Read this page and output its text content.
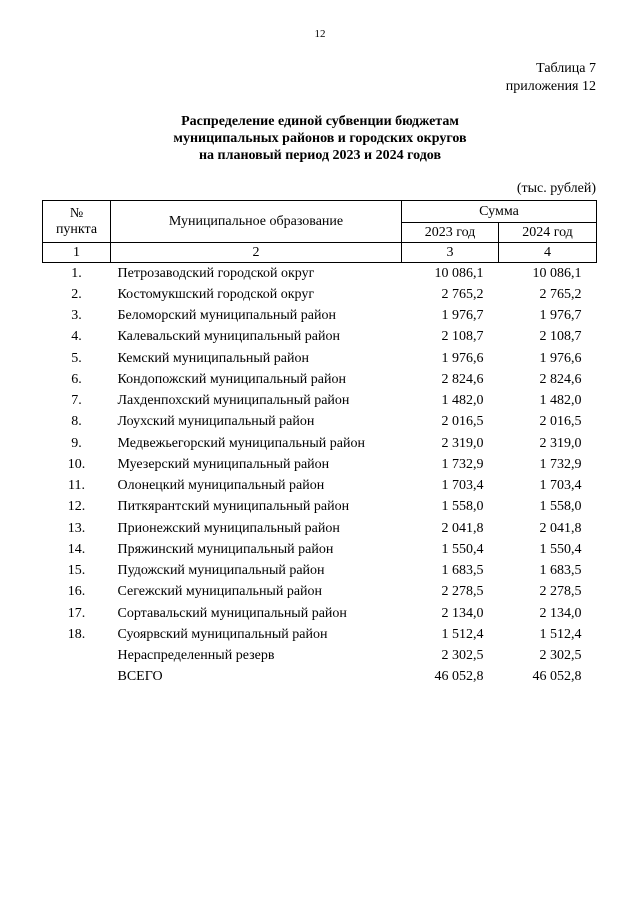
12
Таблица 7
приложения 12
Распределение единой субвенции бюджетам
муниципальных районов и городских округов
на плановый период 2023 и 2024 годов
(тыс. рублей)
№
пункта	Муниципальное образование	Сумма	
		2023 год	2024 год
1	2	3	4
1.	Петрозаводский городской округ	10 086,1	10 086,1
2.	Костомукшский городской округ	2 765,2	2 765,2
3.	Беломорский муниципальный район	1 976,7	1 976,7
4.	Калевальский муниципальный район	2 108,7	2 108,7
5.	Кемский муниципальный район	1 976,6	1 976,6
6.	Кондопожский муниципальный район	2 824,6	2 824,6
7.	Лахденпохский муниципальный район	1 482,0	1 482,0
8.	Лоухский муниципальный район	2 016,5	2 016,5
9.	Медвежьегорский муниципальный район	2 319,0	2 319,0
10.	Муезерский муниципальный район	1 732,9	1 732,9
11.	Олонецкий муниципальный район	1 703,4	1 703,4
12.	Питкярантский муниципальный район	1 558,0	1 558,0
13.	Прионежский муниципальный район	2 041,8	2 041,8
14.	Пряжинский муниципальный район	1 550,4	1 550,4
15.	Пудожский муниципальный район	1 683,5	1 683,5
16.	Сегежский муниципальный район	2 278,5	2 278,5
17.	Сортавальский муниципальный район	2 134,0	2 134,0
18.	Суоярвский муниципальный район	1 512,4	1 512,4
	Нераспределенный резерв	2 302,5	2 302,5
	ВСЕГО	46 052,8	46 052,8
